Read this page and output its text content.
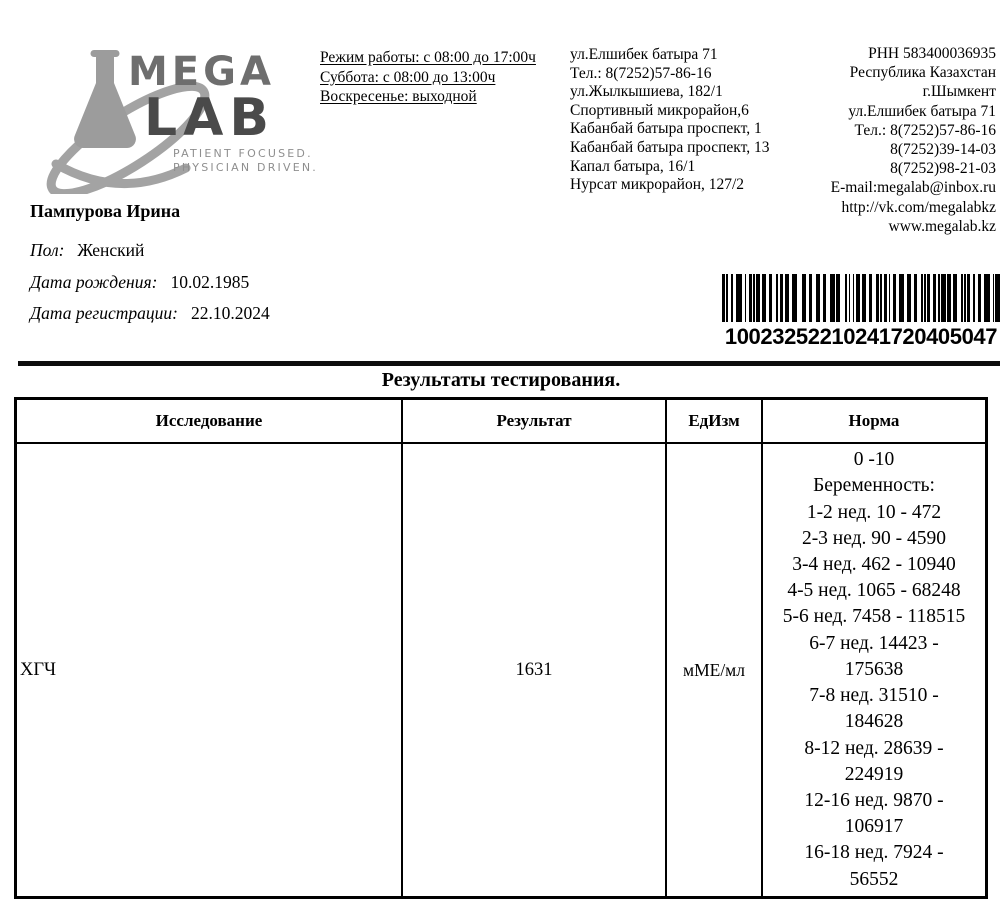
MEGA
LAB
PATIENT FOCUSED.
PHYSICIAN DRIVEN.
Режим работы: с 08:00 до 17:00ч
Суббота: с 08:00 до 13:00ч
Воскресенье: выходной
ул.Елшибек батыра 71
Тел.: 8(7252)57-86-16
ул.Жылкышиева, 182/1
Спортивный микрорайон,6
Кабанбай батыра проспект, 1
Кабанбай батыра проспект, 13
Капал батыра, 16/1
Нурсат микрорайон, 127/2
РНН 583400036935
Республика Казахстан
г.Шымкент
ул.Елшибек батыра 71
Тел.: 8(7252)57-86-16
8(7252)39-14-03
8(7252)98-21-03
E-mail:megalab@inbox.ru
http://vk.com/megalabkz
www.megalab.kz
Пампурова Ирина
Пол: Женский
Дата рождения: 10.02.1985
Дата регистрации: 22.10.2024
10023252210241720405047
Результаты тестирования.
Исследование	Результат	ЕдИзм	Норма
ХГЧ	1631	мМЕ/мл
0 -10
Беременность:
1-2 нед. 10 - 472
2-3 нед. 90 - 4590
3-4 нед. 462 - 10940
4-5 нед. 1065 - 68248
5-6 нед. 7458 - 118515
6-7 нед. 14423 -
175638
7-8 нед. 31510 -
184628
8-12 нед. 28639 -
224919
12-16 нед. 9870 -
106917
16-18 нед. 7924 -
56552
